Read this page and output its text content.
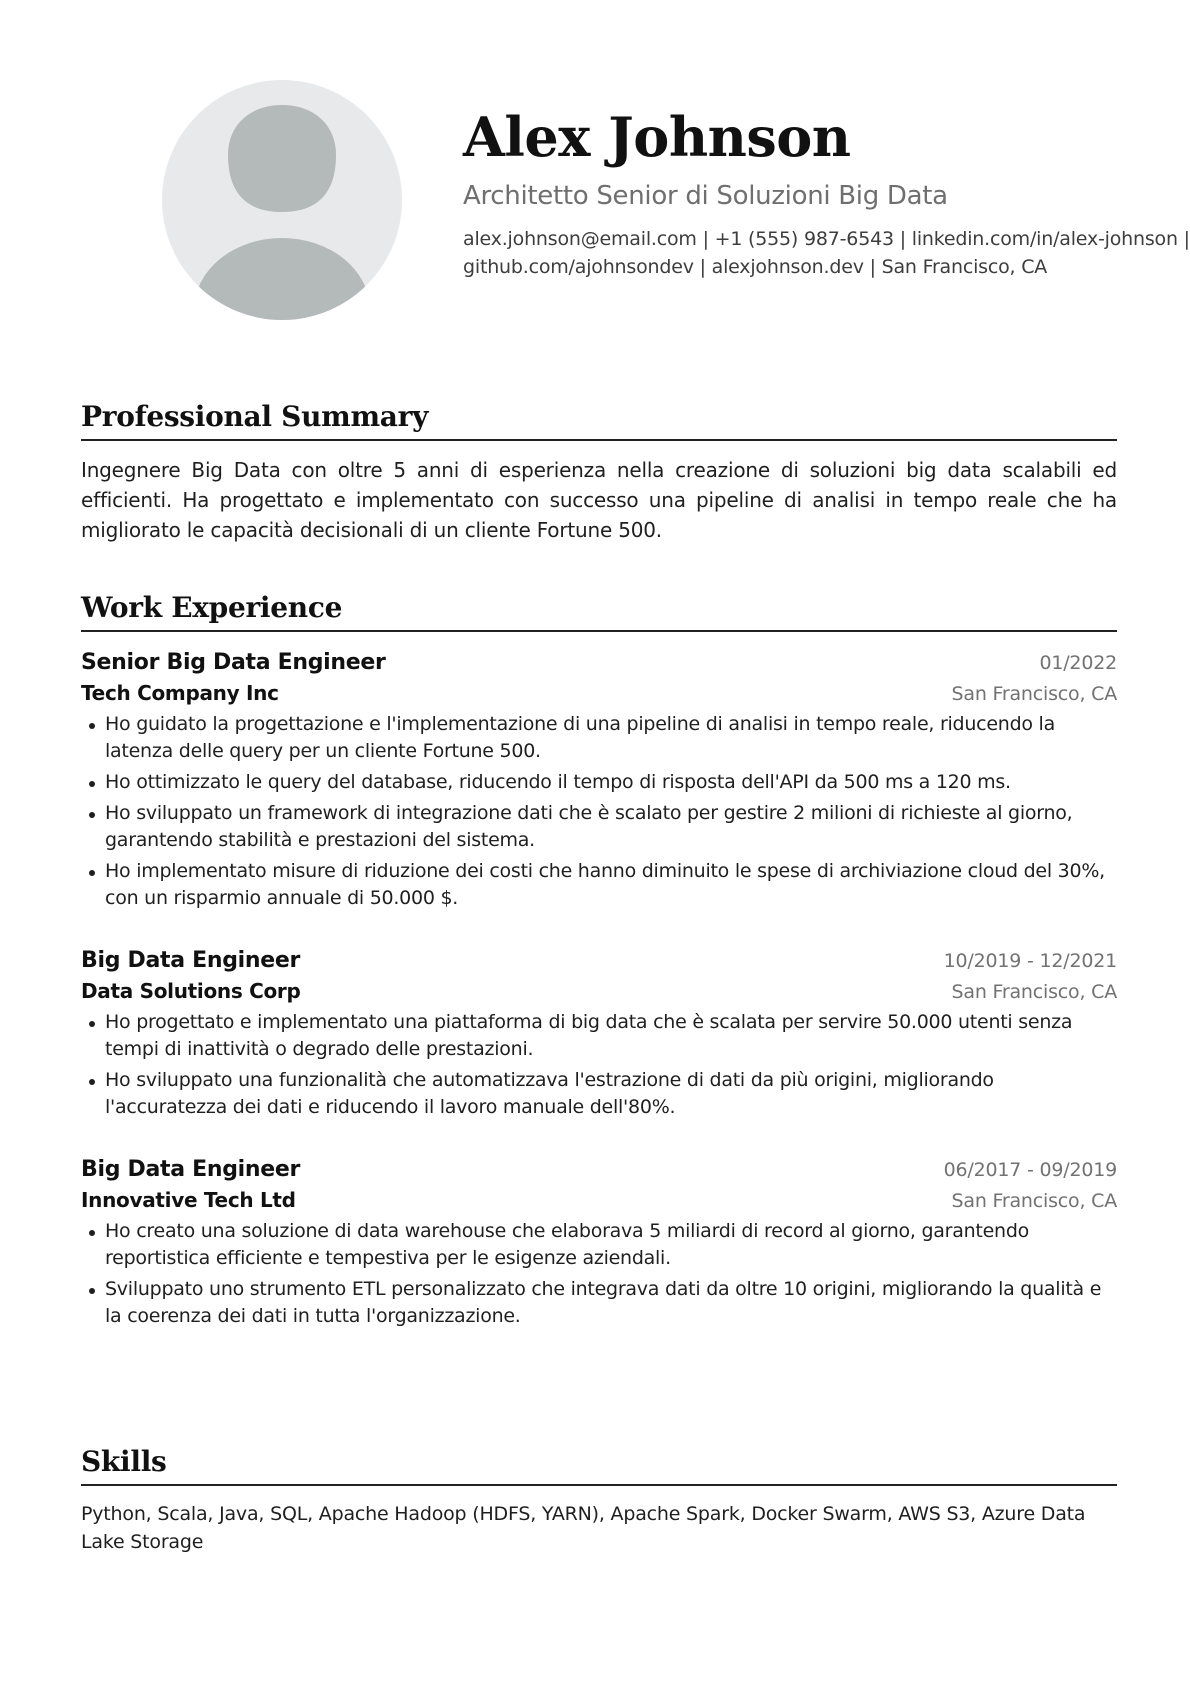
Alex Johnson
Architetto Senior di Soluzioni Big Data
alex.johnson@email.com | +1 (555) 987-6543 | linkedin.com/in/alex-johnson |
github.com/ajohnsondev | alexjohnson.dev | San Francisco, CA
Professional Summary
Ingegnere Big Data con oltre 5 anni di esperienza nella creazione di soluzioni big data scalabili ed efficienti. Ha progettato e implementato con successo una pipeline di analisi in tempo reale che ha migliorato le capacità decisionali di un cliente Fortune 500.
Work Experience
Senior Big Data Engineer	01/2022
Tech Company Inc	San Francisco, CA
Ho guidato la progettazione e l'implementazione di una pipeline di analisi in tempo reale, riducendo la latenza delle query per un cliente Fortune 500.
Ho ottimizzato le query del database, riducendo il tempo di risposta dell'API da 500 ms a 120 ms.
Ho sviluppato un framework di integrazione dati che è scalato per gestire 2 milioni di richieste al giorno, garantendo stabilità e prestazioni del sistema.
Ho implementato misure di riduzione dei costi che hanno diminuito le spese di archiviazione cloud del 30%, con un risparmio annuale di 50.000 $.
Big Data Engineer	10/2019 - 12/2021
Data Solutions Corp	San Francisco, CA
Ho progettato e implementato una piattaforma di big data che è scalata per servire 50.000 utenti senza tempi di inattività o degrado delle prestazioni.
Ho sviluppato una funzionalità che automatizzava l'estrazione di dati da più origini, migliorando l'accuratezza dei dati e riducendo il lavoro manuale dell'80%.
Big Data Engineer	06/2017 - 09/2019
Innovative Tech Ltd	San Francisco, CA
Ho creato una soluzione di data warehouse che elaborava 5 miliardi di record al giorno, garantendo reportistica efficiente e tempestiva per le esigenze aziendali.
Sviluppato uno strumento ETL personalizzato che integrava dati da oltre 10 origini, migliorando la qualità e la coerenza dei dati in tutta l'organizzazione.
Skills
Python, Scala, Java, SQL, Apache Hadoop (HDFS, YARN), Apache Spark, Docker Swarm, AWS S3, Azure Data Lake Storage
